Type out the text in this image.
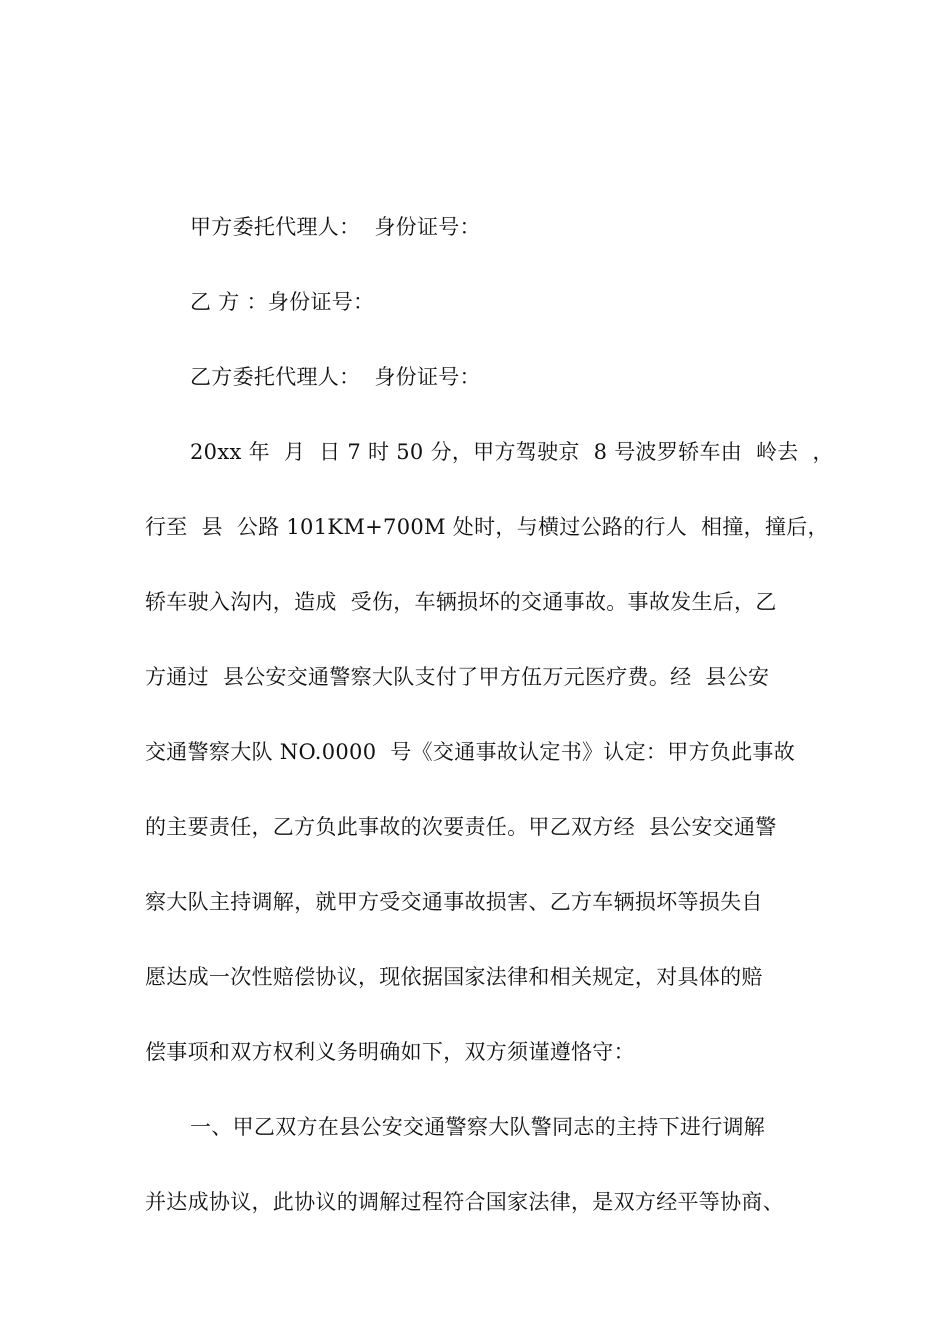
甲方委托代理人：  身份证号：
乙 方 ：身份证号：
乙方委托代理人：  身份证号：
20xx 年  月  日 7 时 50 分，甲方驾驶京  8 号波罗轿车由  岭去  ，
行至  县  公路 101KM+700M 处时，与横过公路的行人  相撞，撞后，
轿车驶入沟内，造成  受伤，车辆损坏的交通事故。事故发生后，乙
方通过  县公安交通警察大队支付了甲方伍万元医疗费。经  县公安
交通警察大队 NO.0000  号《交通事故认定书》认定：甲方负此事故
的主要责任，乙方负此事故的次要责任。甲乙双方经  县公安交通警
察大队主持调解，就甲方受交通事故损害、乙方车辆损坏等损失自
愿达成一次性赔偿协议，现依据国家法律和相关规定，对具体的赔
偿事项和双方权利义务明确如下，双方须谨遵恪守：
一、甲乙双方在县公安交通警察大队警同志的主持下进行调解
并达成协议，此协议的调解过程符合国家法律，是双方经平等协商、
